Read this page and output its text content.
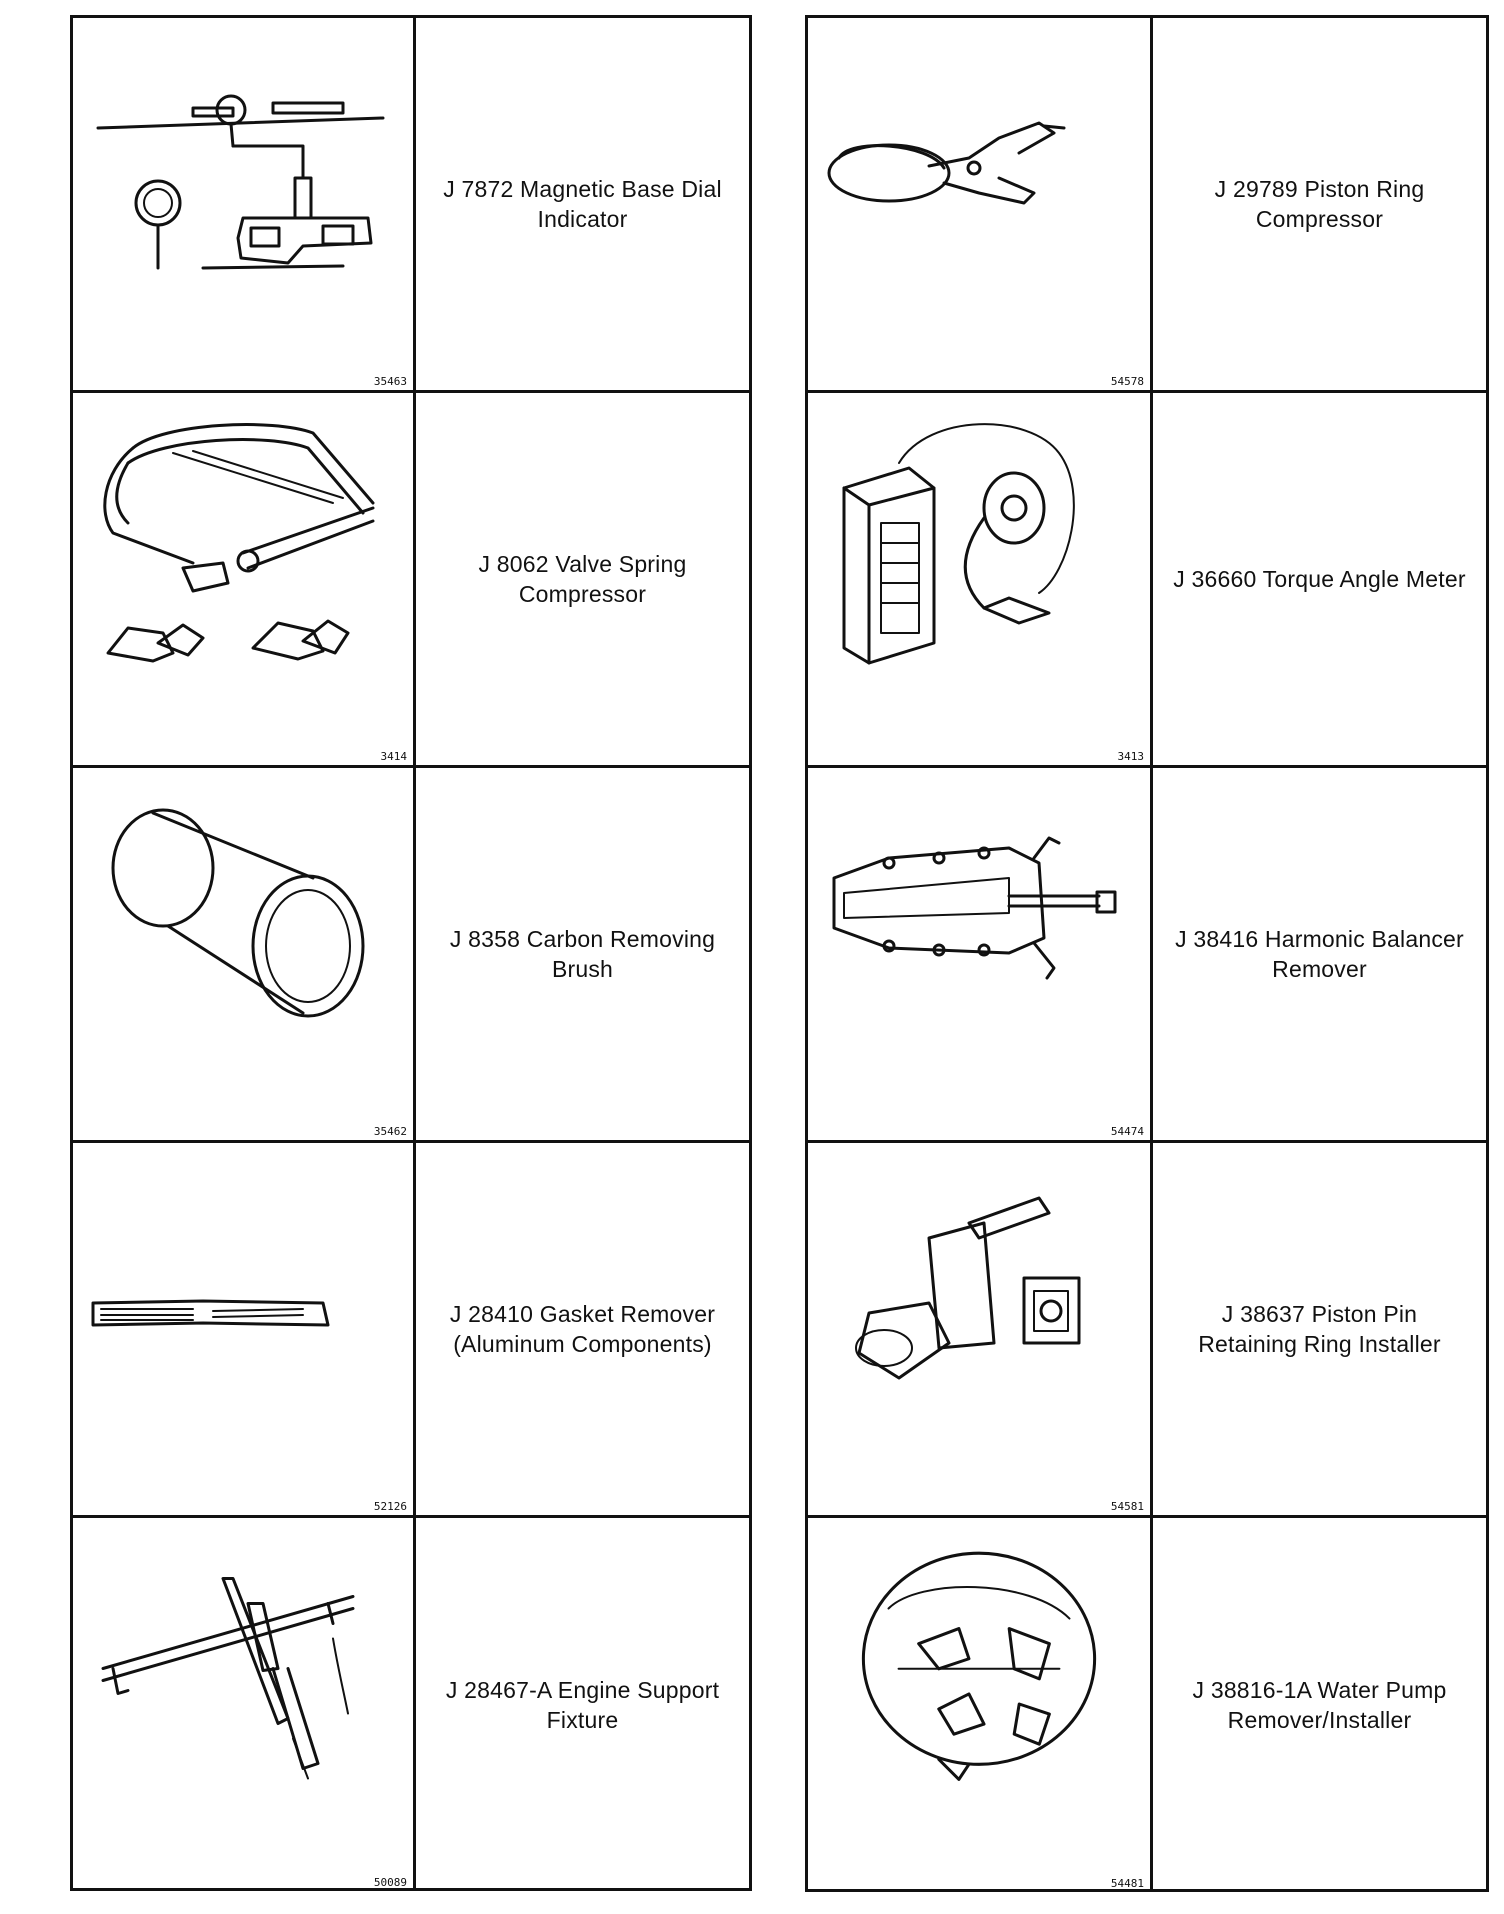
35463
J 7872 Magnetic Base Dial
Indicator
3414
J 8062 Valve Spring
Compressor
35462
J 8358 Carbon Removing
Brush
52126
J 28410 Gasket Remover
(Aluminum Components)
50089
J 28467-A Engine Support
Fixture
54578
J 29789 Piston Ring
Compressor
3413
J 36660 Torque Angle Meter
54474
J 38416 Harmonic Balancer
Remover
54581
J 38637 Piston Pin
Retaining Ring Installer
54481
J 38816-1A Water Pump
Remover/Installer
